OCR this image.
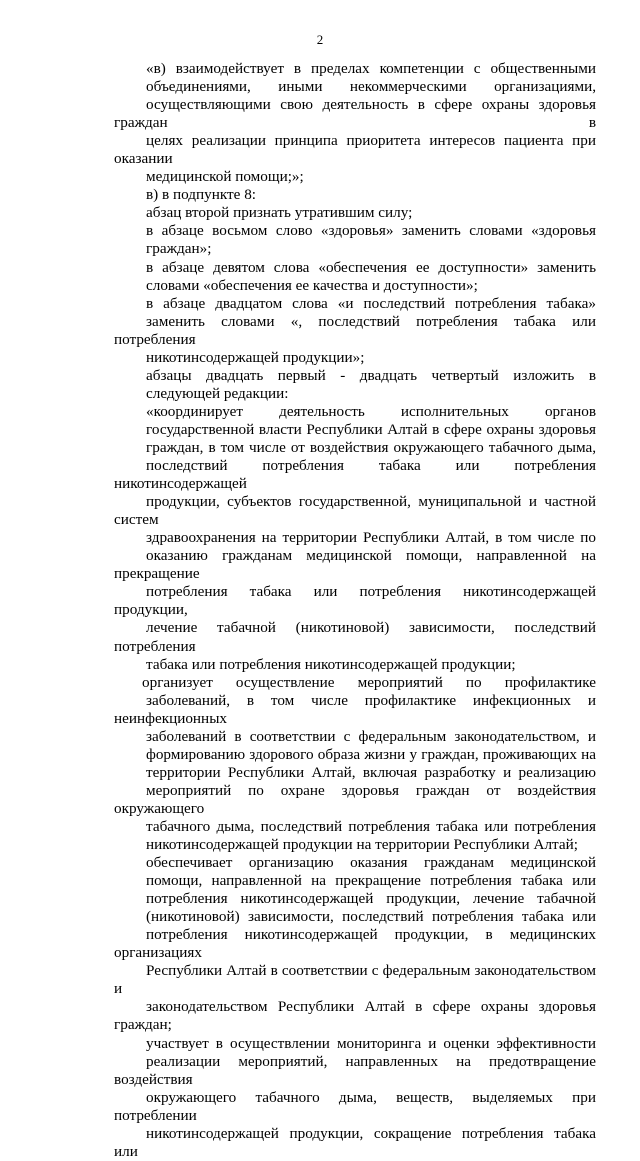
2
«в) взаимодействует в пределах компетенции с общественными
объединениями, иными некоммерческими организациями,
осуществляющими свою деятельность в сфере охраны здоровья граждан в
целях реализации принципа приоритета интересов пациента при оказании
медицинской помощи;»;
в) в подпункте 8:
абзац второй признать утратившим силу;
в абзаце восьмом слово «здоровья» заменить словами «здоровья
граждан»;
в абзаце девятом слова «обеспечения ее доступности» заменить
словами «обеспечения ее качества и доступности»;
в абзаце двадцатом слова «и последствий потребления табака»
заменить словами «, последствий потребления табака или потребления
никотинсодержащей продукции»;
абзацы двадцать первый - двадцать четвертый изложить в
следующей редакции:
«координирует деятельность исполнительных органов
государственной власти Республики Алтай в сфере охраны здоровья
граждан, в том числе от воздействия окружающего табачного дыма,
последствий потребления табака или потребления никотинсодержащей
продукции, субъектов государственной, муниципальной и частной систем
здравоохранения на территории Республики Алтай, в том числе по
оказанию гражданам медицинской помощи, направленной на прекращение
потребления табака или потребления никотинсодержащей продукции,
лечение табачной (никотиновой) зависимости, последствий потребления
табака или потребления никотинсодержащей продукции;
организует осуществление мероприятий по профилактике
заболеваний, в том числе профилактике инфекционных и неинфекционных
заболеваний в соответствии с федеральным законодательством, и
формированию здорового образа жизни у граждан, проживающих на
территории Республики Алтай, включая разработку и реализацию
мероприятий по охране здоровья граждан от воздействия окружающего
табачного дыма, последствий потребления табака или потребления
никотинсодержащей продукции на территории Республики Алтай;
обеспечивает организацию оказания гражданам медицинской
помощи, направленной на прекращение потребления табака или
потребления никотинсодержащей продукции, лечение табачной
(никотиновой) зависимости, последствий потребления табака или
потребления никотинсодержащей продукции, в медицинских организациях
Республики Алтай в соответствии с федеральным законодательством и
законодательством Республики Алтай в сфере охраны здоровья граждан;
участвует в осуществлении мониторинга и оценки эффективности
реализации мероприятий, направленных на предотвращение воздействия
окружающего табачного дыма, веществ, выделяемых при потреблении
никотинсодержащей продукции, сокращение потребления табака или
